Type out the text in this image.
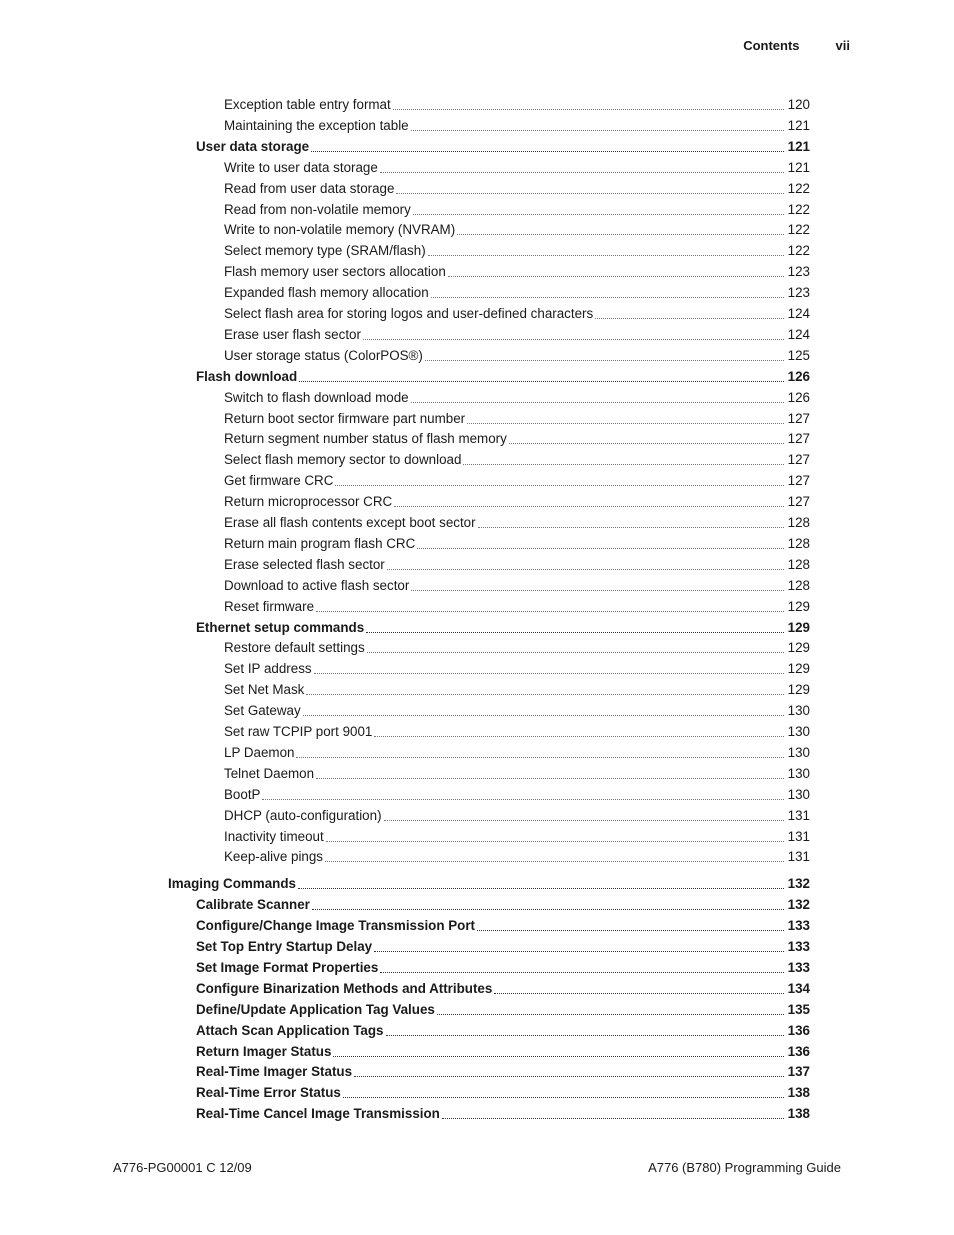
Contents	vii
Exception table entry format	120
Maintaining the exception table	121
User data storage	121
Write to user data storage	121
Read from user data storage	122
Read from non-volatile memory	122
Write to non-volatile memory (NVRAM)	122
Select memory type (SRAM/flash)	122
Flash memory user sectors allocation	123
Expanded flash memory allocation	123
Select flash area for storing logos and user-defined characters	124
Erase user flash sector	124
User storage status (ColorPOS®)	125
Flash download	126
Switch to flash download mode	126
Return boot sector firmware part number	127
Return segment number status of flash memory	127
Select flash memory sector to download	127
Get firmware CRC	127
Return microprocessor CRC	127
Erase all flash contents except boot sector	128
Return main program flash CRC	128
Erase selected flash sector	128
Download to active flash sector	128
Reset firmware	129
Ethernet setup commands	129
Restore default settings	129
Set IP address	129
Set Net Mask	129
Set Gateway	130
Set raw TCPIP port 9001	130
LP Daemon	130
Telnet Daemon	130
BootP	130
DHCP (auto-configuration)	131
Inactivity timeout	131
Keep-alive pings	131
Imaging Commands	132
Calibrate Scanner	132
Configure/Change Image Transmission Port	133
Set Top Entry Startup Delay	133
Set Image Format Properties	133
Configure Binarization Methods and Attributes	134
Define/Update Application Tag Values	135
Attach Scan Application Tags	136
Return Imager Status	136
Real-Time Imager Status	137
Real-Time Error Status	138
Real-Time Cancel Image Transmission	138
A776-PG00001 C 12/09	A776 (B780) Programming Guide
